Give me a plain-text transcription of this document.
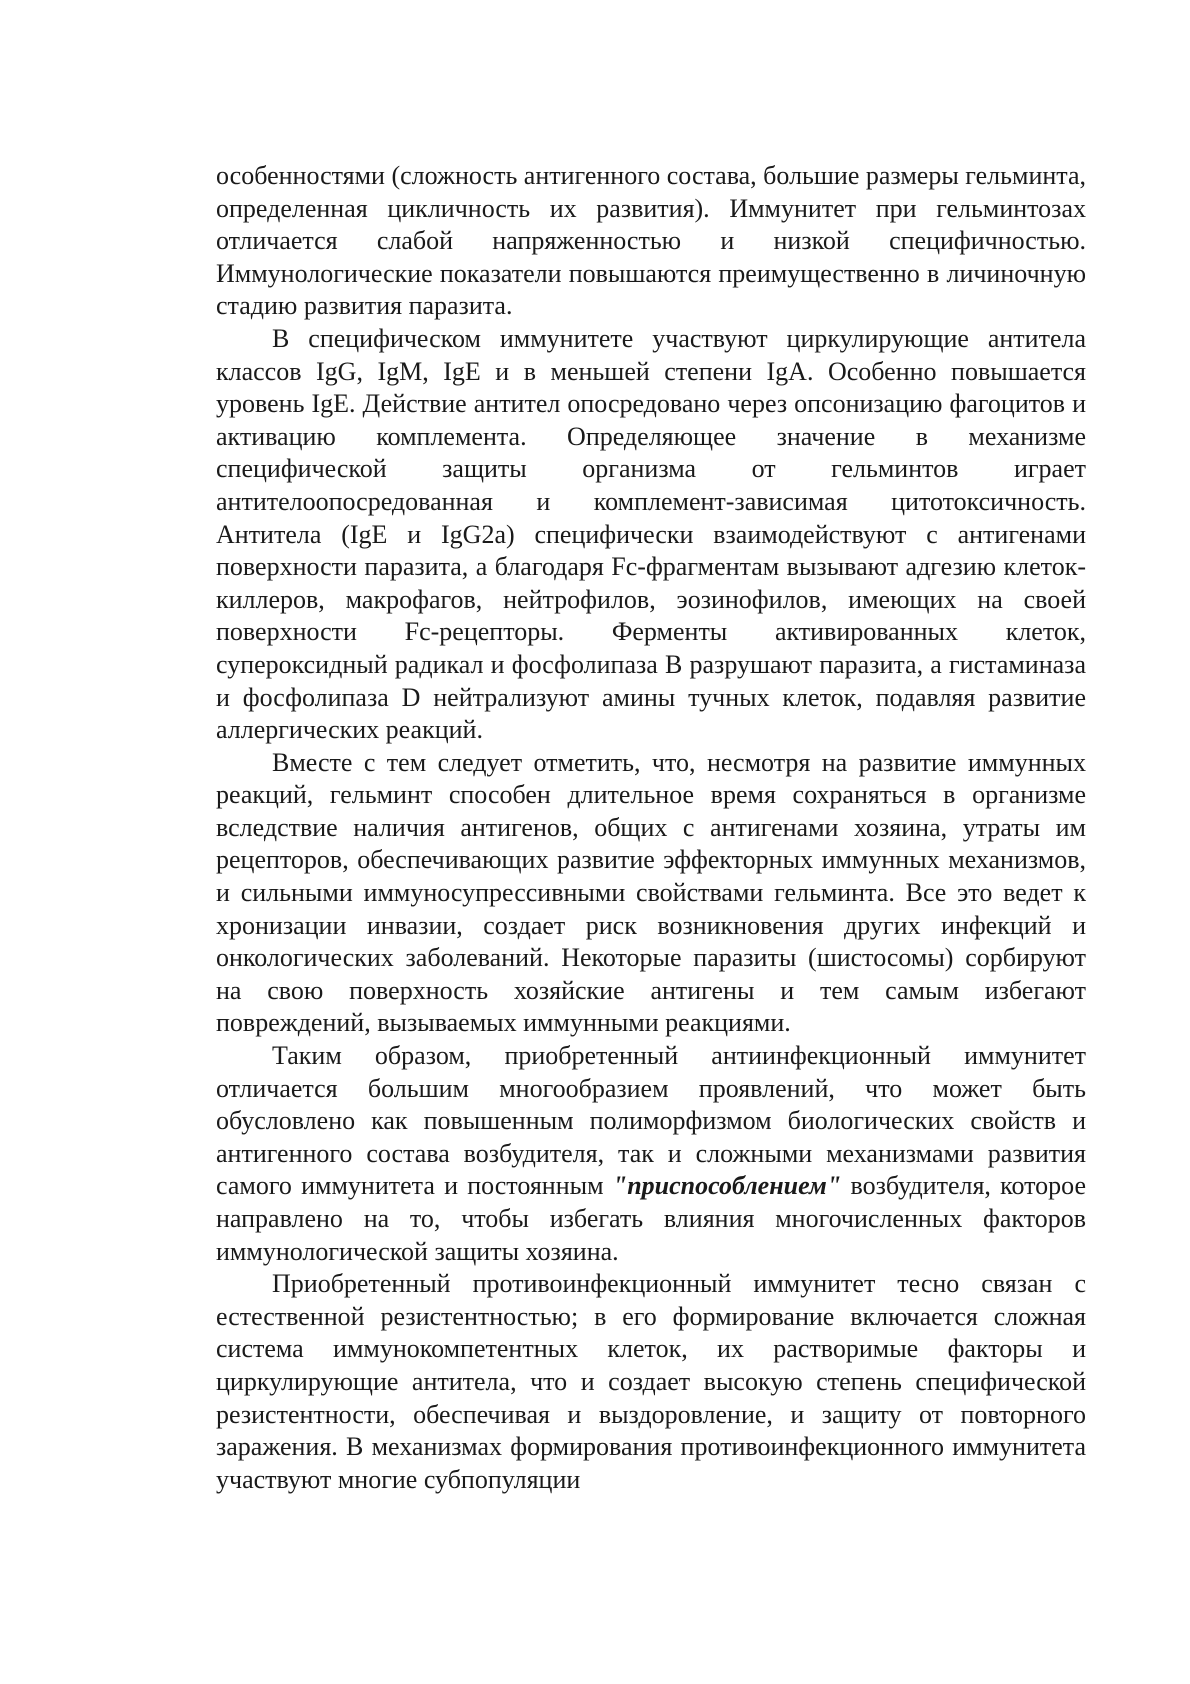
особенностями (сложность антигенного состава, большие размеры гельминта, определенная цикличность их развития). Иммунитет при гельминтозах отличается слабой напряженностью и низкой специфичностью. Иммунологические показатели повышаются преимущественно в личиночную стадию развития паразита.

В специфическом иммунитете участвуют циркулирующие антитела классов IgG, IgM, IgE и в меньшей степени IgA. Особенно повышается уровень IgE. Действие антител опосредовано через опсонизацию фагоцитов и активацию комплемента. Определяющее значение в механизме специфической защиты организма от гельминтов играет антителоопосредованная и комплемент-зависимая цитотоксичность. Антитела (IgE и IgG2a) специфически взаимодействуют с антигенами поверхности паразита, а благодаря Fc-фрагментам вызывают адгезию клеток-киллеров, макрофагов, нейтрофилов, эозинофилов, имеющих на своей поверхности Fc-рецепторы. Ферменты активированных клеток, супероксидный радикал и фосфолипаза В разрушают паразита, а гистаминаза и фосфолипаза D нейтрализуют амины тучных клеток, подавляя развитие аллергических реакций.

Вместе с тем следует отметить, что, несмотря на развитие иммунных реакций, гельминт способен длительное время сохраняться в организме вследствие наличия антигенов, общих с антигенами хозяина, утраты им рецепторов, обеспечивающих развитие эффекторных иммунных механизмов, и сильными иммуносупрессивными свойствами гельминта. Все это ведет к хронизации инвазии, создает риск возникновения других инфекций и онкологических заболеваний. Некоторые паразиты (шистосомы) сорбируют на свою поверхность хозяйские антигены и тем самым избегают повреждений, вызываемых иммунными реакциями.

Таким образом, приобретенный антиинфекционный иммунитет отличается большим многообразием проявлений, что может быть обусловлено как повышенным полиморфизмом биологических свойств и антигенного состава возбудителя, так и сложными механизмами развития самого иммунитета и постоянным "приспособлением" возбудителя, которое направлено на то, чтобы избегать влияния многочисленных факторов иммунологической защиты хозяина.

Приобретенный противоинфекционный иммунитет тесно связан с естественной резистентностью; в его формирование включается сложная система иммунокомпетентных клеток, их растворимые факторы и циркулирующие антитела, что и создает высокую степень специфической резистентности, обеспечивая и выздоровление, и защиту от повторного заражения. В механизмах формирования противоинфекционного иммунитета участвуют многие субпопуляции
